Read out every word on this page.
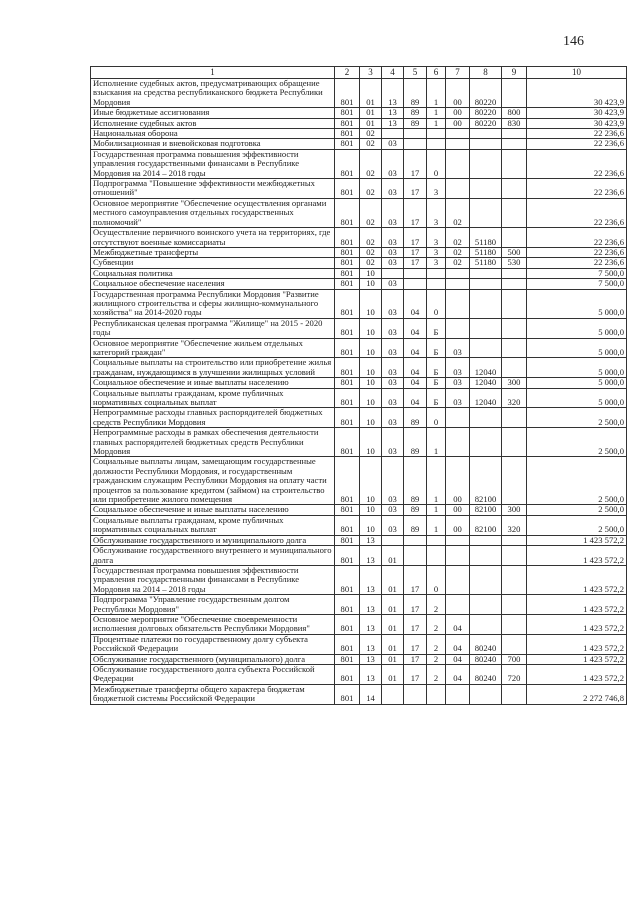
146
1	2	3	4	5	6	7	8	9	10
Исполнение судебных актов, предусматривающих обращение взыскания на средства республиканского бюджета Республики Мордовия	801	01	13	89	1	00	80220		30 423,9
Иные бюджетные ассигнования	801	01	13	89	1	00	80220	800	30 423,9
Исполнение судебных актов	801	01	13	89	1	00	80220	830	30 423,9
Национальная оборона	801	02							22 236,6
Мобилизационная и вневойсковая подготовка	801	02	03						22 236,6
Государственная программа повышения эффективности управления государственными финансами в Республике Мордовия на 2014 – 2018 годы	801	02	03	17	0				22 236,6
Подпрограмма "Повышение эффективности межбюджетных отношений"	801	02	03	17	3				22 236,6
Основное мероприятие "Обеспечение осуществления органами местного самоуправления отдельных государственных полномочий"	801	02	03	17	3	02			22 236,6
Осуществление первичного воинского учета на территориях, где отсутствуют военные комиссариаты	801	02	03	17	3	02	51180		22 236,6
Межбюджетные трансферты	801	02	03	17	3	02	51180	500	22 236,6
Субвенции	801	02	03	17	3	02	51180	530	22 236,6
Социальная политика	801	10							7 500,0
Социальное обеспечение населения	801	10	03						7 500,0
Государственная программа Республики Мордовия "Развитие жилищного строительства и сферы жилищно-коммунального хозяйства" на 2014-2020 годы	801	10	03	04	0				5 000,0
Республиканская целевая программа "Жилище" на 2015 - 2020 годы	801	10	03	04	Б				5 000,0
Основное мероприятие "Обеспечение жильем отдельных категорий граждан"	801	10	03	04	Б	03			5 000,0
Социальные выплаты на строительство или приобретение жилья гражданам, нуждающимся в улучшении жилищных условий	801	10	03	04	Б	03	12040		5 000,0
Социальное обеспечение и иные выплаты населению	801	10	03	04	Б	03	12040	300	5 000,0
Социальные выплаты гражданам, кроме публичных нормативных социальных выплат	801	10	03	04	Б	03	12040	320	5 000,0
Непрограммные расходы главных распорядителей бюджетных средств Республики Мордовия	801	10	03	89	0				2 500,0
Непрограммные расходы в рамках обеспечения деятельности главных распорядителей бюджетных средств Республики Мордовия	801	10	03	89	1				2 500,0
Социальные выплаты лицам, замещающим государственные должности Республики Мордовия, и государственным гражданским служащим Республики Мордовия на оплату части процентов за пользование кредитом (займом) на строительство или приобретение жилого помещения	801	10	03	89	1	00	82100		2 500,0
Социальное обеспечение и иные выплаты населению	801	10	03	89	1	00	82100	300	2 500,0
Социальные выплаты гражданам, кроме публичных нормативных социальных выплат	801	10	03	89	1	00	82100	320	2 500,0
Обслуживание государственного и муниципального долга	801	13							1 423 572,2
Обслуживание государственного внутреннего и муниципального долга	801	13	01						1 423 572,2
Государственная программа повышения эффективности управления государственными финансами в Республике Мордовия на 2014 – 2018 годы	801	13	01	17	0				1 423 572,2
Подпрограмма "Управление государственным долгом Республики Мордовия"	801	13	01	17	2				1 423 572,2
Основное мероприятие "Обеспечение своевременности исполнения долговых обязательств Республики Мордовия"	801	13	01	17	2	04			1 423 572,2
Процентные платежи по государственному долгу субъекта Российской Федерации	801	13	01	17	2	04	80240		1 423 572,2
Обслуживание государственного (муниципального) долга	801	13	01	17	2	04	80240	700	1 423 572,2
Обслуживание государственного долга субъекта Российской Федерации	801	13	01	17	2	04	80240	720	1 423 572,2
Межбюджетные трансферты общего характера бюджетам бюджетной системы Российской Федерации	801	14							2 272 746,8
